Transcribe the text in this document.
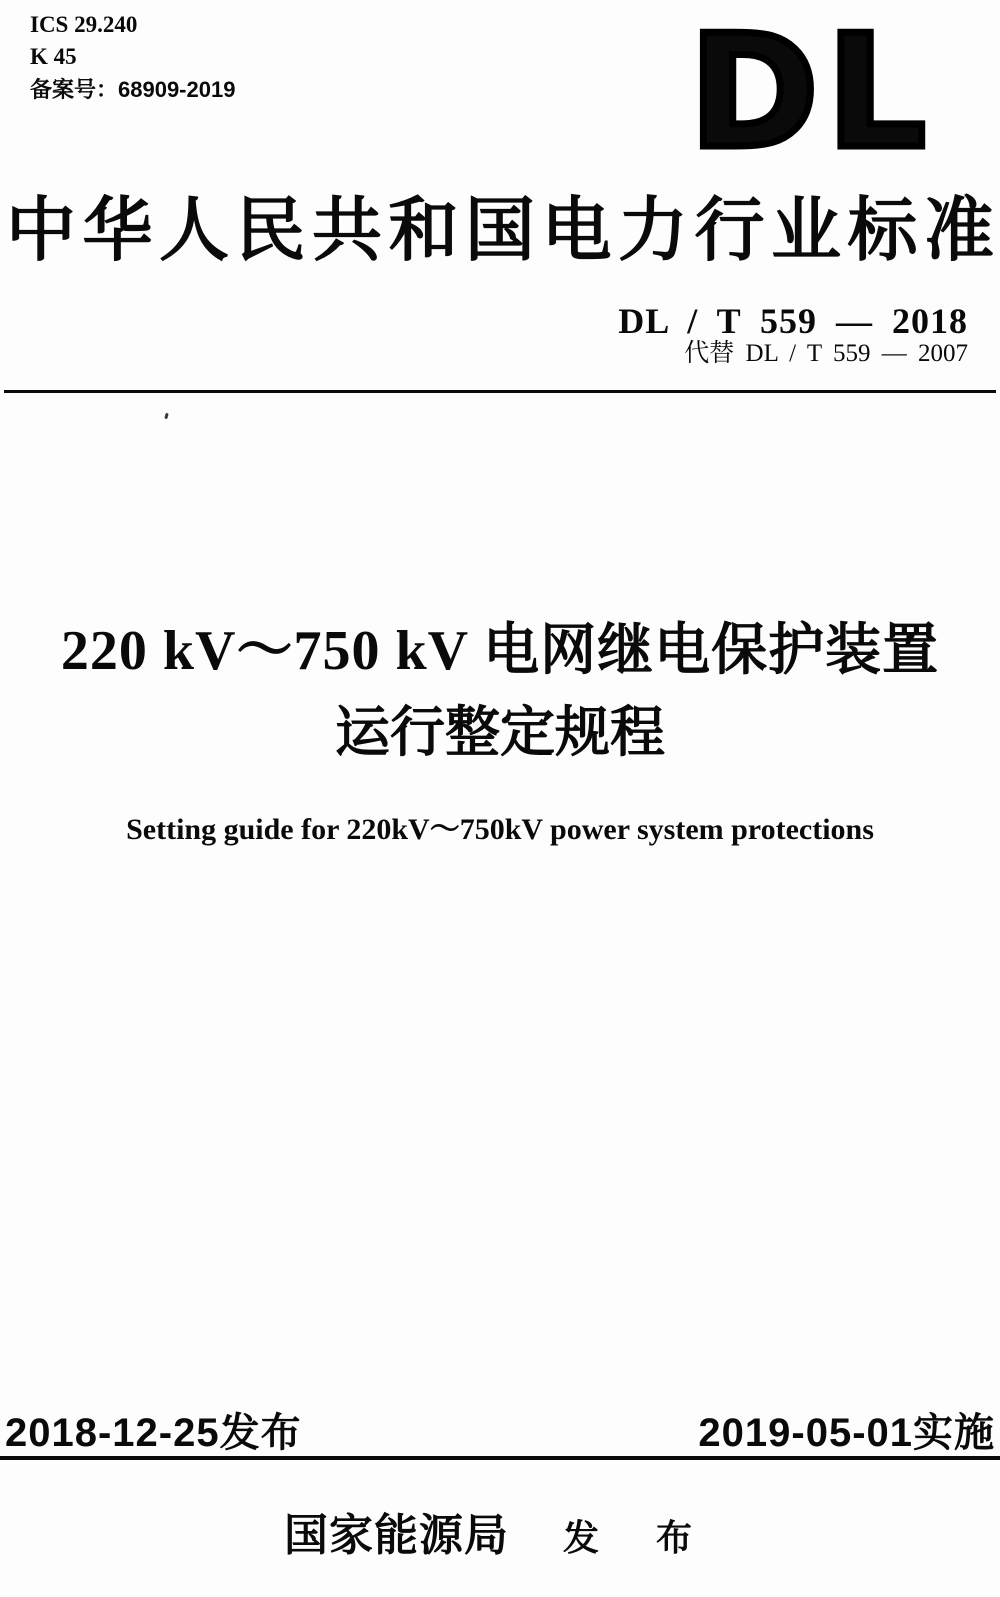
ICS 29.240
K 45
备案号：68909-2019	DL
中华人民共和国电力行业标准
DL / T 559 — 2018
代替 DL / T 559 — 2007
220 kV～750 kV 电网继电保护装置
运行整定规程
Setting guide for 220kV～750kV power system protections
2018-12-25发布	2019-05-01实施
国家能源局 发 布
